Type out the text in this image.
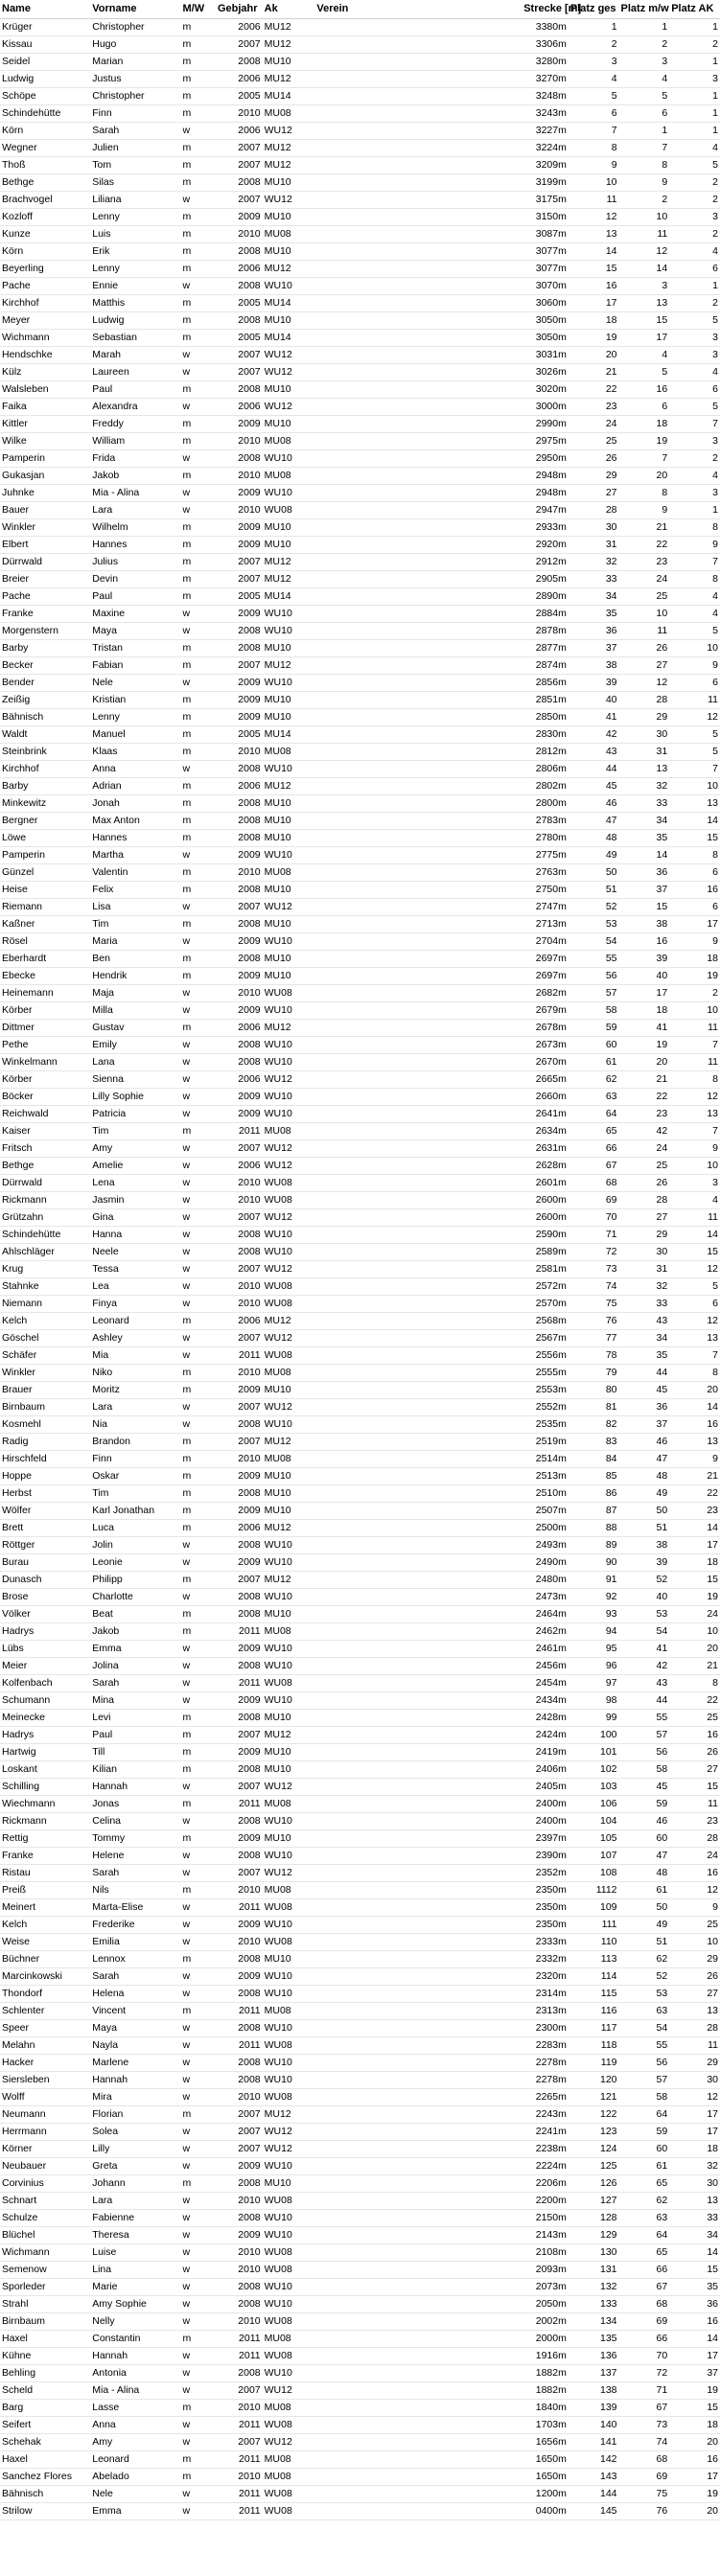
Name	Vorname	M/W	Gebjahr	Ak	Verein	Strecke [m]	Platz ges	Platz m/w	Platz AK
Krüger	Christopher	m	2006	MU12		3380m	1	1	1
Kissau	Hugo	m	2007	MU12		3306m	2	2	2
Seidel	Marian	m	2008	MU10		3280m	3	3	1
Ludwig	Justus	m	2006	MU12		3270m	4	4	3
Schöpe	Christopher	m	2005	MU14		3248m	5	5	1
Schindehütte	Finn	m	2010	MU08		3243m	6	6	1
Körn	Sarah	w	2006	WU12		3227m	7	1	1
Wegner	Julien	m	2007	MU12		3224m	8	7	4
Thoß	Tom	m	2007	MU12		3209m	9	8	5
Bethge	Silas	m	2008	MU10		3199m	10	9	2
Brachvogel	Liliana	w	2007	WU12		3175m	11	2	2
Kozloff	Lenny	m	2009	MU10		3150m	12	10	3
Kunze	Luis	m	2010	MU08		3087m	13	11	2
Körn	Erik	m	2008	MU10		3077m	14	12	4
Beyerling	Lenny	m	2006	MU12		3077m	15	14	6
Pache	Ennie	w	2008	WU10		3070m	16	3	1
Kirchhof	Matthis	m	2005	MU14		3060m	17	13	2
Meyer	Ludwig	m	2008	MU10		3050m	18	15	5
Wichmann	Sebastian	m	2005	MU14		3050m	19	17	3
Hendschke	Marah	w	2007	WU12		3031m	20	4	3
Külz	Laureen	w	2007	WU12		3026m	21	5	4
Walsleben	Paul	m	2008	MU10		3020m	22	16	6
Faika	Alexandra	w	2006	WU12		3000m	23	6	5
Kittler	Freddy	m	2009	MU10		2990m	24	18	7
Wilke	William	m	2010	MU08		2975m	25	19	3
Pamperin	Frida	w	2008	WU10		2950m	26	7	2
Gukasjan	Jakob	m	2010	MU08		2948m	29	20	4
Juhnke	Mia - Alina	w	2009	WU10		2948m	27	8	3
Bauer	Lara	w	2010	WU08		2947m	28	9	1
Winkler	Wilhelm	m	2009	MU10		2933m	30	21	8
Elbert	Hannes	m	2009	MU10		2920m	31	22	9
Dürrwald	Julius	m	2007	MU12		2912m	32	23	7
Breier	Devin	m	2007	MU12		2905m	33	24	8
Pache	Paul	m	2005	MU14		2890m	34	25	4
Franke	Maxine	w	2009	WU10		2884m	35	10	4
Morgenstern	Maya	w	2008	WU10		2878m	36	11	5
Barby	Tristan	m	2008	MU10		2877m	37	26	10
Becker	Fabian	m	2007	MU12		2874m	38	27	9
Bender	Nele	w	2009	WU10		2856m	39	12	6
Zeißig	Kristian	m	2009	MU10		2851m	40	28	11
Bähnisch	Lenny	m	2009	MU10		2850m	41	29	12
Waldt	Manuel	m	2005	MU14		2830m	42	30	5
Steinbrink	Klaas	m	2010	MU08		2812m	43	31	5
Kirchhof	Anna	w	2008	WU10		2806m	44	13	7
Barby	Adrian	m	2006	MU12		2802m	45	32	10
Minkewitz	Jonah	m	2008	MU10		2800m	46	33	13
Bergner	Max Anton	m	2008	MU10		2783m	47	34	14
Löwe	Hannes	m	2008	MU10		2780m	48	35	15
Pamperin	Martha	w	2009	WU10		2775m	49	14	8
Günzel	Valentin	m	2010	MU08		2763m	50	36	6
Heise	Felix	m	2008	MU10		2750m	51	37	16
Riemann	Lisa	w	2007	WU12		2747m	52	15	6
Kaßner	Tim	m	2008	MU10		2713m	53	38	17
Rösel	Maria	w	2009	WU10		2704m	54	16	9
Eberhardt	Ben	m	2008	MU10		2697m	55	39	18
Ebecke	Hendrik	m	2009	MU10		2697m	56	40	19
Heinemann	Maja	w	2010	WU08		2682m	57	17	2
Körber	Milla	w	2009	WU10		2679m	58	18	10
Dittmer	Gustav	m	2006	MU12		2678m	59	41	11
Pethe	Emily	w	2008	WU10		2673m	60	19	7
Winkelmann	Lana	w	2008	WU10		2670m	61	20	11
Körber	Sienna	w	2006	WU12		2665m	62	21	8
Böcker	Lilly Sophie	w	2009	WU10		2660m	63	22	12
Reichwald	Patricia	w	2009	WU10		2641m	64	23	13
Kaiser	Tim	m	2011	MU08		2634m	65	42	7
Fritsch	Amy	w	2007	WU12		2631m	66	24	9
Bethge	Amelie	w	2006	WU12		2628m	67	25	10
Dürrwald	Lena	w	2010	WU08		2601m	68	26	3
Rickmann	Jasmin	w	2010	WU08		2600m	69	28	4
Grützahn	Gina	w	2007	WU12		2600m	70	27	11
Schindehütte	Hanna	w	2008	WU10		2590m	71	29	14
Ahlschläger	Neele	w	2008	WU10		2589m	72	30	15
Krug	Tessa	w	2007	WU12		2581m	73	31	12
Stahnke	Lea	w	2010	WU08		2572m	74	32	5
Niemann	Finya	w	2010	WU08		2570m	75	33	6
Kelch	Leonard	m	2006	MU12		2568m	76	43	12
Göschel	Ashley	w	2007	WU12		2567m	77	34	13
Schäfer	Mia	w	2011	WU08		2556m	78	35	7
Winkler	Niko	m	2010	MU08		2555m	79	44	8
Brauer	Moritz	m	2009	MU10		2553m	80	45	20
Birnbaum	Lara	w	2007	WU12		2552m	81	36	14
Kosmehl	Nia	w	2008	WU10		2535m	82	37	16
Radig	Brandon	m	2007	MU12		2519m	83	46	13
Hirschfeld	Finn	m	2010	MU08		2514m	84	47	9
Hoppe	Oskar	m	2009	MU10		2513m	85	48	21
Herbst	Tim	m	2008	MU10		2510m	86	49	22
Wölfer	Karl Jonathan	m	2009	MU10		2507m	87	50	23
Brett	Luca	m	2006	MU12		2500m	88	51	14
Röttger	Jolin	w	2008	WU10		2493m	89	38	17
Burau	Leonie	w	2009	WU10		2490m	90	39	18
Dunasch	Philipp	m	2007	MU12		2480m	91	52	15
Brose	Charlotte	w	2008	WU10		2473m	92	40	19
Völker	Beat	m	2008	MU10		2464m	93	53	24
Hadrys	Jakob	m	2011	MU08		2462m	94	54	10
Lübs	Emma	w	2009	WU10		2461m	95	41	20
Meier	Jolina	w	2008	WU10		2456m	96	42	21
Kolfenbach	Sarah	w	2011	WU08		2454m	97	43	8
Schumann	Mina	w	2009	WU10		2434m	98	44	22
Meinecke	Levi	m	2008	MU10		2428m	99	55	25
Hadrys	Paul	m	2007	MU12		2424m	100	57	16
Hartwig	Till	m	2009	MU10		2419m	101	56	26
Loskant	Kilian	m	2008	MU10		2406m	102	58	27
Schilling	Hannah	w	2007	WU12		2405m	103	45	15
Wiechmann	Jonas	m	2011	MU08		2400m	106	59	11
Rickmann	Celina	w	2008	WU10		2400m	104	46	23
Rettig	Tommy	m	2009	MU10		2397m	105	60	28
Franke	Helene	w	2008	WU10		2390m	107	47	24
Ristau	Sarah	w	2007	WU12		2352m	108	48	16
Preiß	Nils	m	2010	MU08		2350m	1112	61	12
Meinert	Marta-Elise	w	2011	WU08		2350m	109	50	9
Kelch	Frederike	w	2009	WU10		2350m	111	49	25
Weise	Emilia	w	2010	WU08		2333m	110	51	10
Büchner	Lennox	m	2008	MU10		2332m	113	62	29
Marcinkowski	Sarah	w	2009	WU10		2320m	114	52	26
Thondorf	Helena	w	2008	WU10		2314m	115	53	27
Schlenter	Vincent	m	2011	MU08		2313m	116	63	13
Speer	Maya	w	2008	WU10		2300m	117	54	28
Melahn	Nayla	w	2011	WU08		2283m	118	55	11
Hacker	Marlene	w	2008	WU10		2278m	119	56	29
Siersleben	Hannah	w	2008	WU10		2278m	120	57	30
Wolff	Mira	w	2010	WU08		2265m	121	58	12
Neumann	Florian	m	2007	MU12		2243m	122	64	17
Herrmann	Solea	w	2007	WU12		2241m	123	59	17
Körner	Lilly	w	2007	WU12		2238m	124	60	18
Neubauer	Greta	w	2009	WU10		2224m	125	61	32
Corvinius	Johann	m	2008	MU10		2206m	126	65	30
Schnart	Lara	w	2010	WU08		2200m	127	62	13
Schulze	Fabienne	w	2008	WU10		2150m	128	63	33
Blüchel	Theresa	w	2009	WU10		2143m	129	64	34
Wichmann	Luise	w	2010	WU08		2108m	130	65	14
Semenow	Lina	w	2010	WU08		2093m	131	66	15
Sporleder	Marie	w	2008	WU10		2073m	132	67	35
Strahl	Amy Sophie	w	2008	WU10		2050m	133	68	36
Birnbaum	Nelly	w	2010	WU08		2002m	134	69	16
Haxel	Constantin	m	2011	MU08		2000m	135	66	14
Kühne	Hannah	w	2011	WU08		1916m	136	70	17
Behling	Antonia	w	2008	WU10		1882m	137	72	37
Scheld	Mia - Alina	w	2007	WU12		1882m	138	71	19
Barg	Lasse	m	2010	MU08		1840m	139	67	15
Seifert	Anna	w	2011	WU08		1703m	140	73	18
Schehak	Amy	w	2007	WU12		1656m	141	74	20
Haxel	Leonard	m	2011	MU08		1650m	142	68	16
Sanchez Flores	Abelado	m	2010	MU08		1650m	143	69	17
Bähnisch	Nele	w	2011	WU08		1200m	144	75	19
Strilow	Emma	w	2011	WU08		0400m	145	76	20
